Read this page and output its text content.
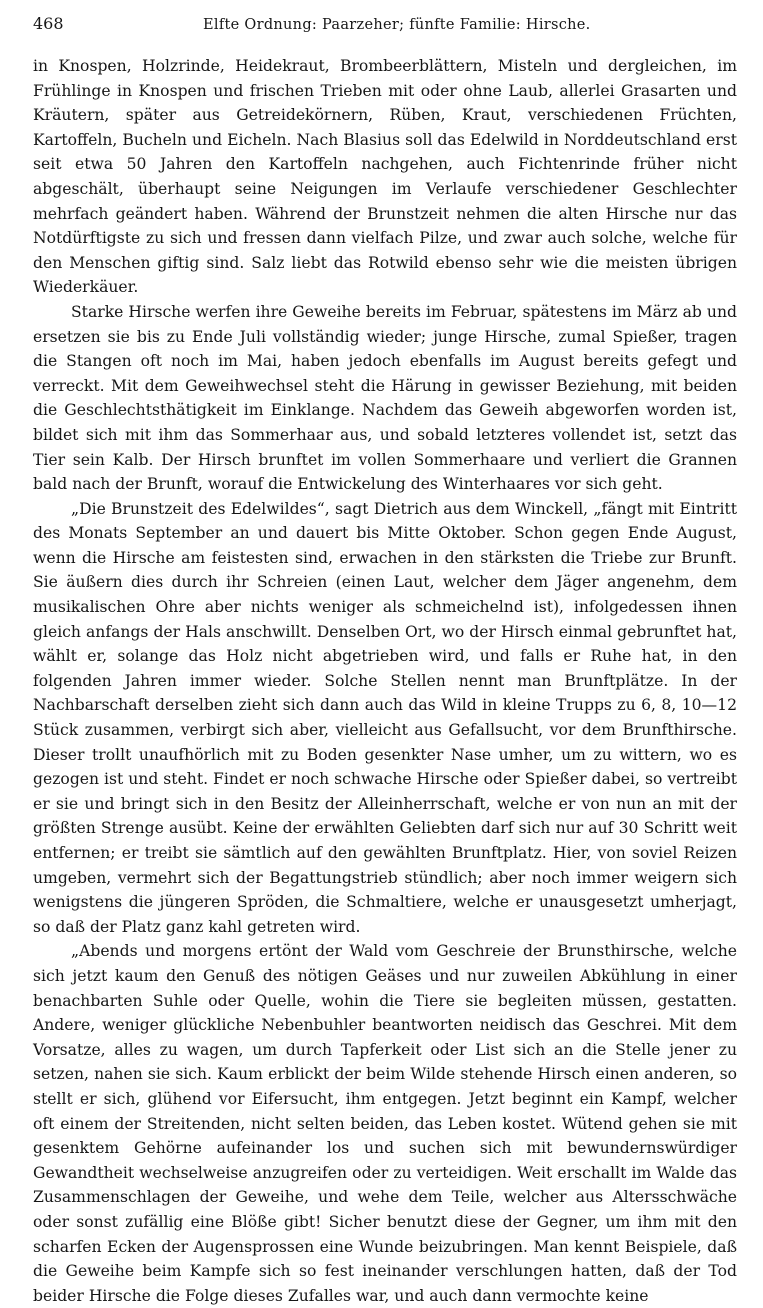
468	Elfte Ordnung: Paarzeher; fünfte Familie: Hirsche.

in Knospen, Holzrinde, Heidekraut, Brombeerblättern, Misteln und dergleichen, im Frühlinge in Knospen und frischen Trieben mit oder ohne Laub, allerlei Grasarten und Kräutern, später aus Getreidekörnern, Rüben, Kraut, verschiedenen Früchten, Kartoffeln, Bucheln und Eicheln. Nach Blasius soll das Edelwild in Norddeutschland erst seit etwa 50 Jahren den Kartoffeln nachgehen, auch Fichtenrinde früher nicht abgeschält, überhaupt seine Neigungen im Verlaufe verschiedener Geschlechter mehrfach geändert haben. Während der Brunstzeit nehmen die alten Hirsche nur das Notdürftigste zu sich und fressen dann vielfach Pilze, und zwar auch solche, welche für den Menschen giftig sind. Salz liebt das Rotwild ebenso sehr wie die meisten übrigen Wiederkäuer.

Starke Hirsche werfen ihre Geweihe bereits im Februar, spätestens im März ab und ersetzen sie bis zu Ende Juli vollständig wieder; junge Hirsche, zumal Spießer, tragen die Stangen oft noch im Mai, haben jedoch ebenfalls im August bereits gefegt und verreckt. Mit dem Geweihwechsel steht die Härung in gewisser Beziehung, mit beiden die Geschlechtsthätigkeit im Einklange. Nachdem das Geweih abgeworfen worden ist, bildet sich mit ihm das Sommerhaar aus, und sobald letzteres vollendet ist, setzt das Tier sein Kalb. Der Hirsch brunftet im vollen Sommerhaare und verliert die Grannen bald nach der Brunft, worauf die Entwickelung des Winterhaares vor sich geht.

„Die Brunstzeit des Edelwildes“, sagt Dietrich aus dem Winckell, „fängt mit Eintritt des Monats September an und dauert bis Mitte Oktober. Schon gegen Ende August, wenn die Hirsche am feistesten sind, erwachen in den stärksten die Triebe zur Brunft. Sie äußern dies durch ihr Schreien (einen Laut, welcher dem Jäger angenehm, dem musikalischen Ohre aber nichts weniger als schmeichelnd ist), infolgedessen ihnen gleich anfangs der Hals anschwillt. Denselben Ort, wo der Hirsch einmal gebrunftet hat, wählt er, solange das Holz nicht abgetrieben wird, und falls er Ruhe hat, in den folgenden Jahren immer wieder. Solche Stellen nennt man Brunftplätze. In der Nachbarschaft derselben zieht sich dann auch das Wild in kleine Trupps zu 6, 8, 10—12 Stück zusammen, verbirgt sich aber, vielleicht aus Gefallsucht, vor dem Brunfthirsche. Dieser trollt unaufhörlich mit zu Boden gesenkter Nase umher, um zu wittern, wo es gezogen ist und steht. Findet er noch schwache Hirsche oder Spießer dabei, so vertreibt er sie und bringt sich in den Besitz der Alleinherrschaft, welche er von nun an mit der größten Strenge ausübt. Keine der erwählten Geliebten darf sich nur auf 30 Schritt weit entfernen; er treibt sie sämtlich auf den gewählten Brunftplatz. Hier, von soviel Reizen umgeben, vermehrt sich der Begattungstrieb stündlich; aber noch immer weigern sich wenigstens die jüngeren Spröden, die Schmaltiere, welche er unausgesetzt umherjagt, so daß der Platz ganz kahl getreten wird.

„Abends und morgens ertönt der Wald vom Geschreie der Brunsthirsche, welche sich jetzt kaum den Genuß des nötigen Geäses und nur zuweilen Abkühlung in einer benachbarten Suhle oder Quelle, wohin die Tiere sie begleiten müssen, gestatten. Andere, weniger glückliche Nebenbuhler beantworten neidisch das Geschrei. Mit dem Vorsatze, alles zu wagen, um durch Tapferkeit oder List sich an die Stelle jener zu setzen, nahen sie sich. Kaum erblickt der beim Wilde stehende Hirsch einen anderen, so stellt er sich, glühend vor Eifersucht, ihm entgegen. Jetzt beginnt ein Kampf, welcher oft einem der Streitenden, nicht selten beiden, das Leben kostet. Wütend gehen sie mit gesenktem Gehörne aufeinander los und suchen sich mit bewundernswürdiger Gewandtheit wechselweise anzugreifen oder zu verteidigen. Weit erschallt im Walde das Zusammenschlagen der Geweihe, und wehe dem Teile, welcher aus Altersschwäche oder sonst zufällig eine Blöße gibt! Sicher benutzt diese der Gegner, um ihm mit den scharfen Ecken der Augensprossen eine Wunde beizubringen. Man kennt Beispiele, daß die Geweihe beim Kampfe sich so fest ineinander verschlungen hatten, daß der Tod beider Hirsche die Folge dieses Zufalles war, und auch dann vermochte keine
